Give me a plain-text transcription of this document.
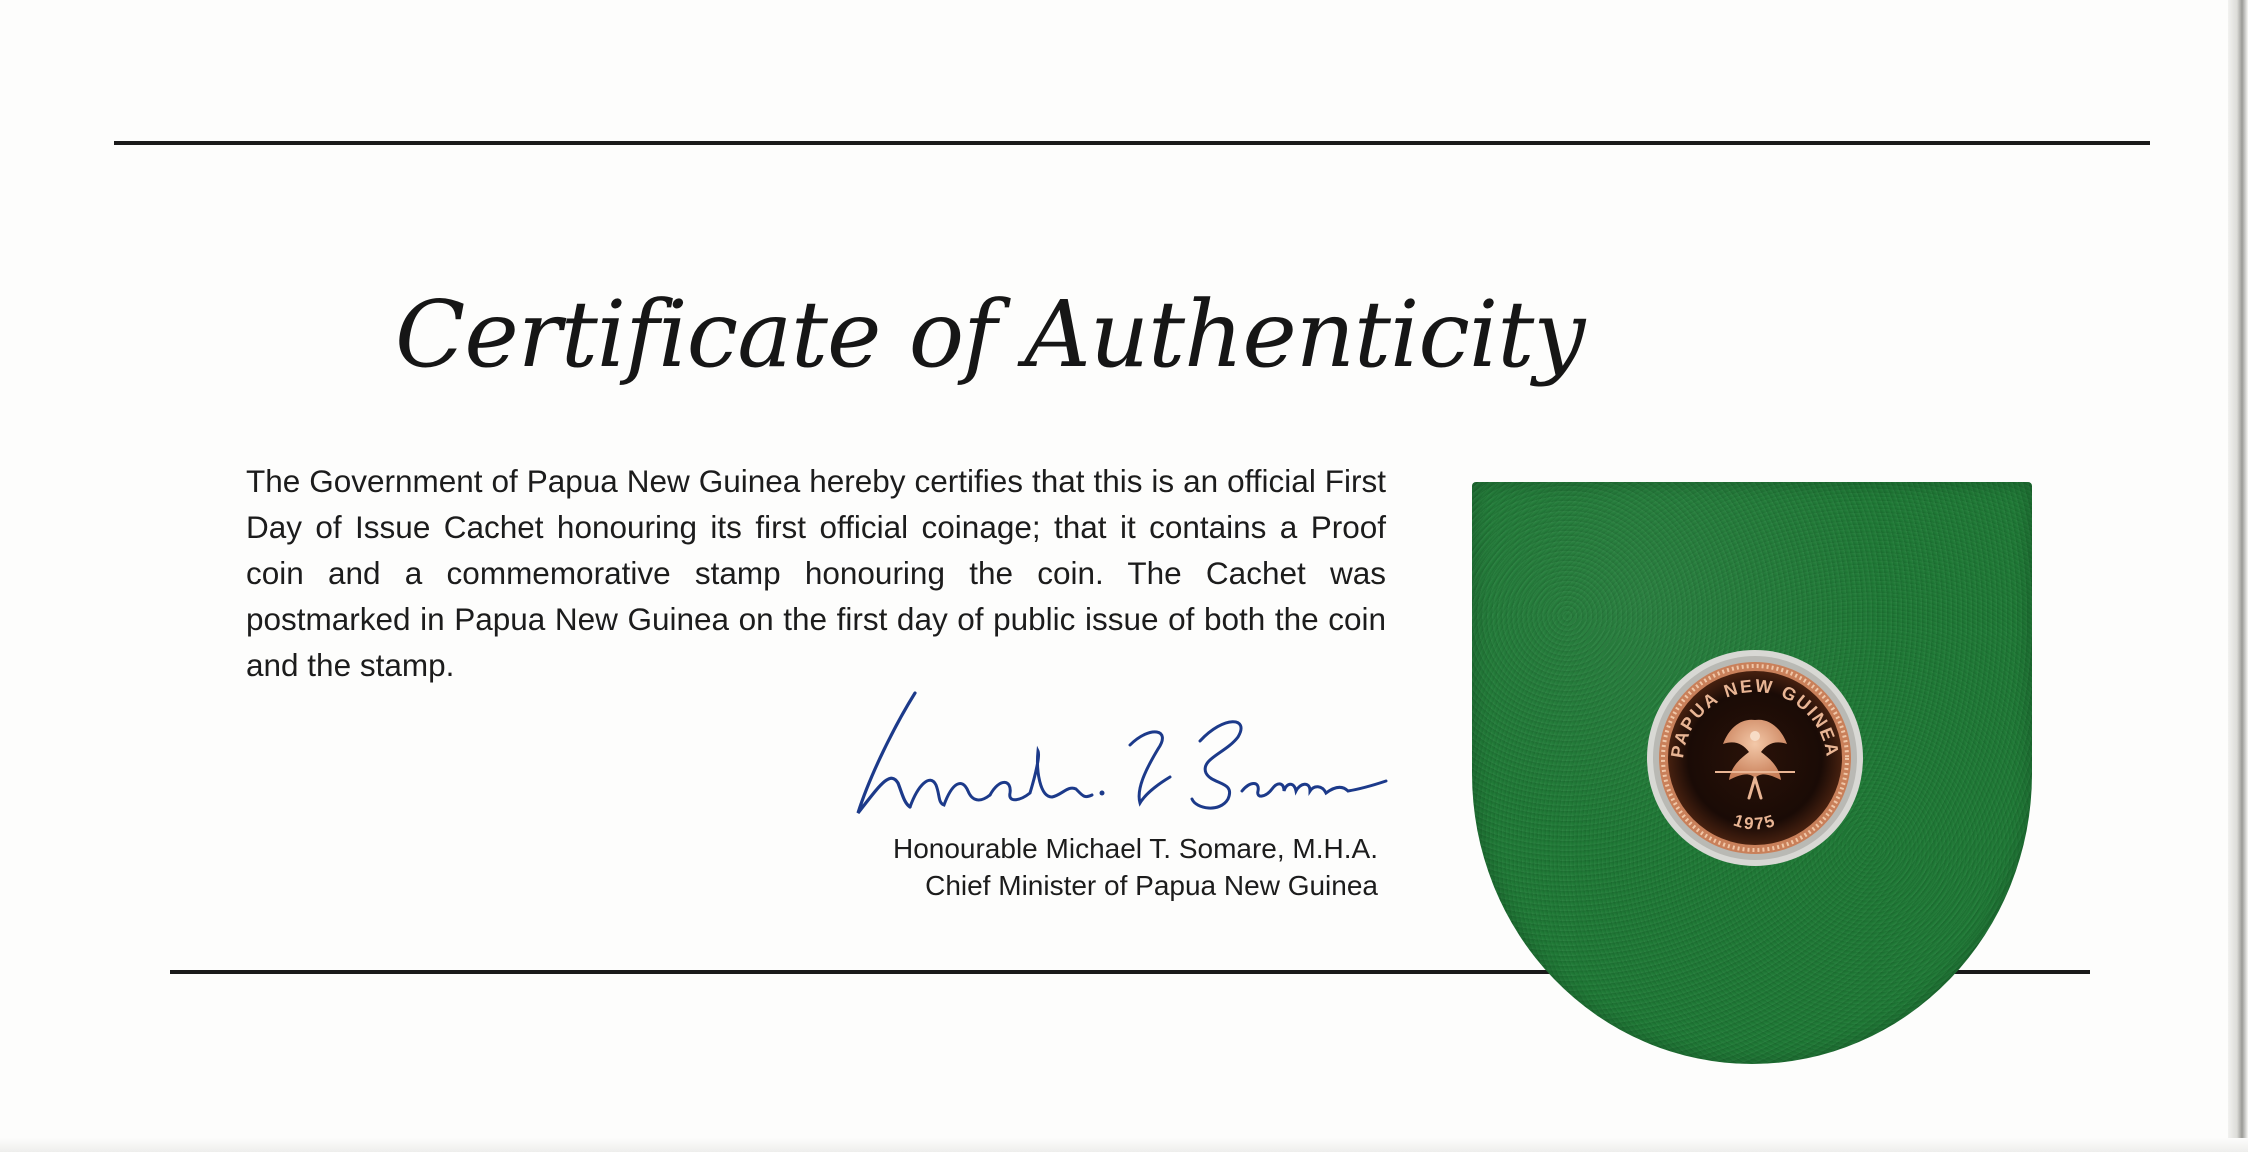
Certificate of Authenticity

The Government of Papua New Guinea hereby certifies that this is an official First Day of Issue Cachet honouring its first official coinage; that it contains a Proof coin and a commemorative stamp honouring the coin. The Cachet was postmarked in Papua New Guinea on the first day of public issue of both the coin and the stamp.

Honourable Michael T. Somare, M.H.A.
Chief Minister of Papua New Guinea
PAPUA NEW GUINEA
1975
